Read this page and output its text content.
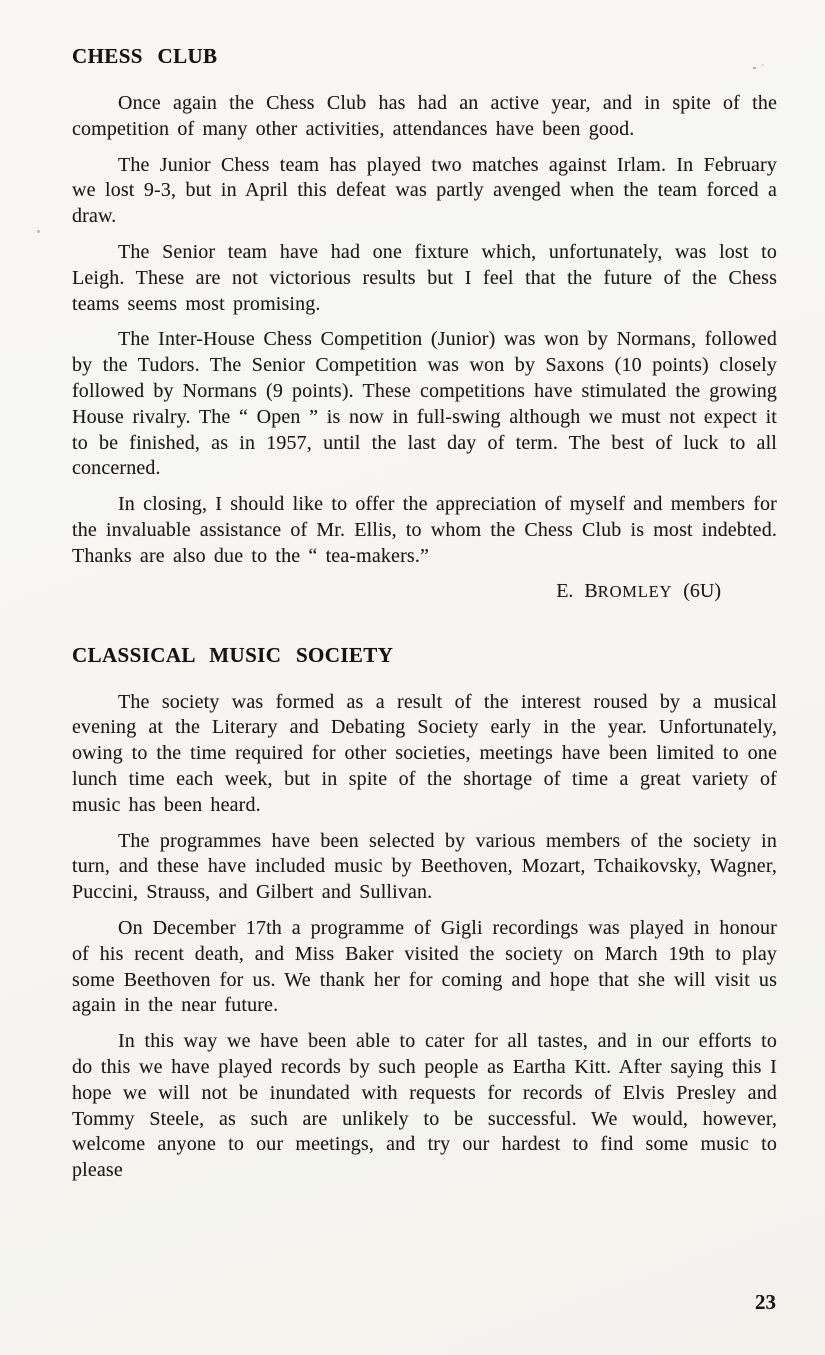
CHESS CLUB

Once again the Chess Club has had an active year, and in spite of the competition of many other activities, attendances have been good.

The Junior Chess team has played two matches against Irlam. In February we lost 9-3, but in April this defeat was partly avenged when the team forced a draw.

The Senior team have had one fixture which, unfortunately, was lost to Leigh. These are not victorious results but I feel that the future of the Chess teams seems most promising.

The Inter-House Chess Competition (Junior) was won by Normans, followed by the Tudors. The Senior Competition was won by Saxons (10 points) closely followed by Normans (9 points). These competitions have stimulated the growing House rivalry. The “ Open ” is now in full-swing although we must not expect it to be finished, as in 1957, until the last day of term. The best of luck to all concerned.

In closing, I should like to offer the appreciation of myself and members for the invaluable assistance of Mr. Ellis, to whom the Chess Club is most indebted. Thanks are also due to the “ tea-makers.”

E. BROMLEY (6U)
CLASSICAL MUSIC SOCIETY

The society was formed as a result of the interest roused by a musical evening at the Literary and Debating Society early in the year. Unfortunately, owing to the time required for other societies, meetings have been limited to one lunch time each week, but in spite of the shortage of time a great variety of music has been heard.

The programmes have been selected by various members of the society in turn, and these have included music by Beethoven, Mozart, Tchaikovsky, Wagner, Puccini, Strauss, and Gilbert and Sullivan.

On December 17th a programme of Gigli recordings was played in honour of his recent death, and Miss Baker visited the society on March 19th to play some Beethoven for us. We thank her for coming and hope that she will visit us again in the near future.

In this way we have been able to cater for all tastes, and in our efforts to do this we have played records by such people as Eartha Kitt. After saying this I hope we will not be inundated with requests for records of Elvis Presley and Tommy Steele, as such are unlikely to be successful. We would, however, welcome anyone to our meetings, and try our hardest to find some music to please

23
